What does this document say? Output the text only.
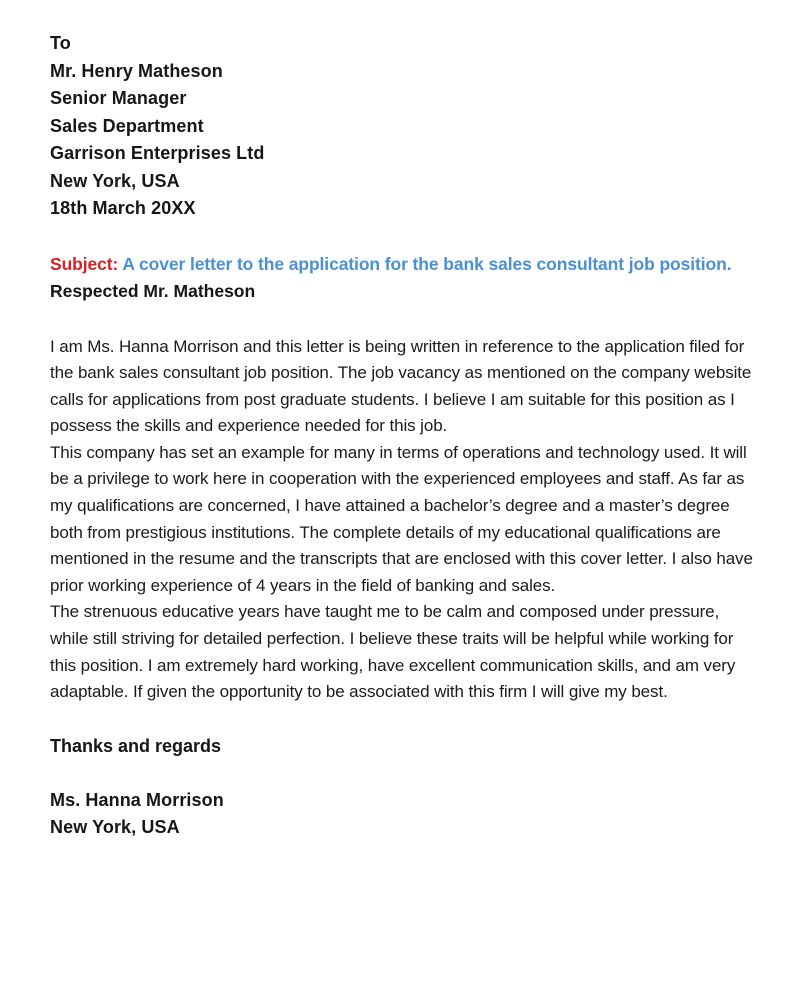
To
Mr. Henry Matheson
Senior Manager
Sales Department
Garrison Enterprises Ltd
New York, USA
18th March 20XX
Subject: A cover letter to the application for the bank sales consultant job position.
Respected Mr. Matheson

I am Ms. Hanna Morrison and this letter is being written in reference to the application filed for the bank sales consultant job position. The job vacancy as mentioned on the company website calls for applications from post graduate students. I believe I am suitable for this position as I possess the skills and experience needed for this job.

This company has set an example for many in terms of operations and technology used. It will be a privilege to work here in cooperation with the experienced employees and staff. As far as my qualifications are concerned, I have attained a bachelor’s degree and a master’s degree both from prestigious institutions. The complete details of my educational qualifications are mentioned in the resume and the transcripts that are enclosed with this cover letter. I also have prior working experience of 4 years in the field of banking and sales.

The strenuous educative years have taught me to be calm and composed under pressure, while still striving for detailed perfection. I believe these traits will be helpful while working for this position. I am extremely hard working, have excellent communication skills, and am very adaptable. If given the opportunity to be associated with this firm I will give my best.

Thanks and regards
Ms. Hanna Morrison
New York, USA
